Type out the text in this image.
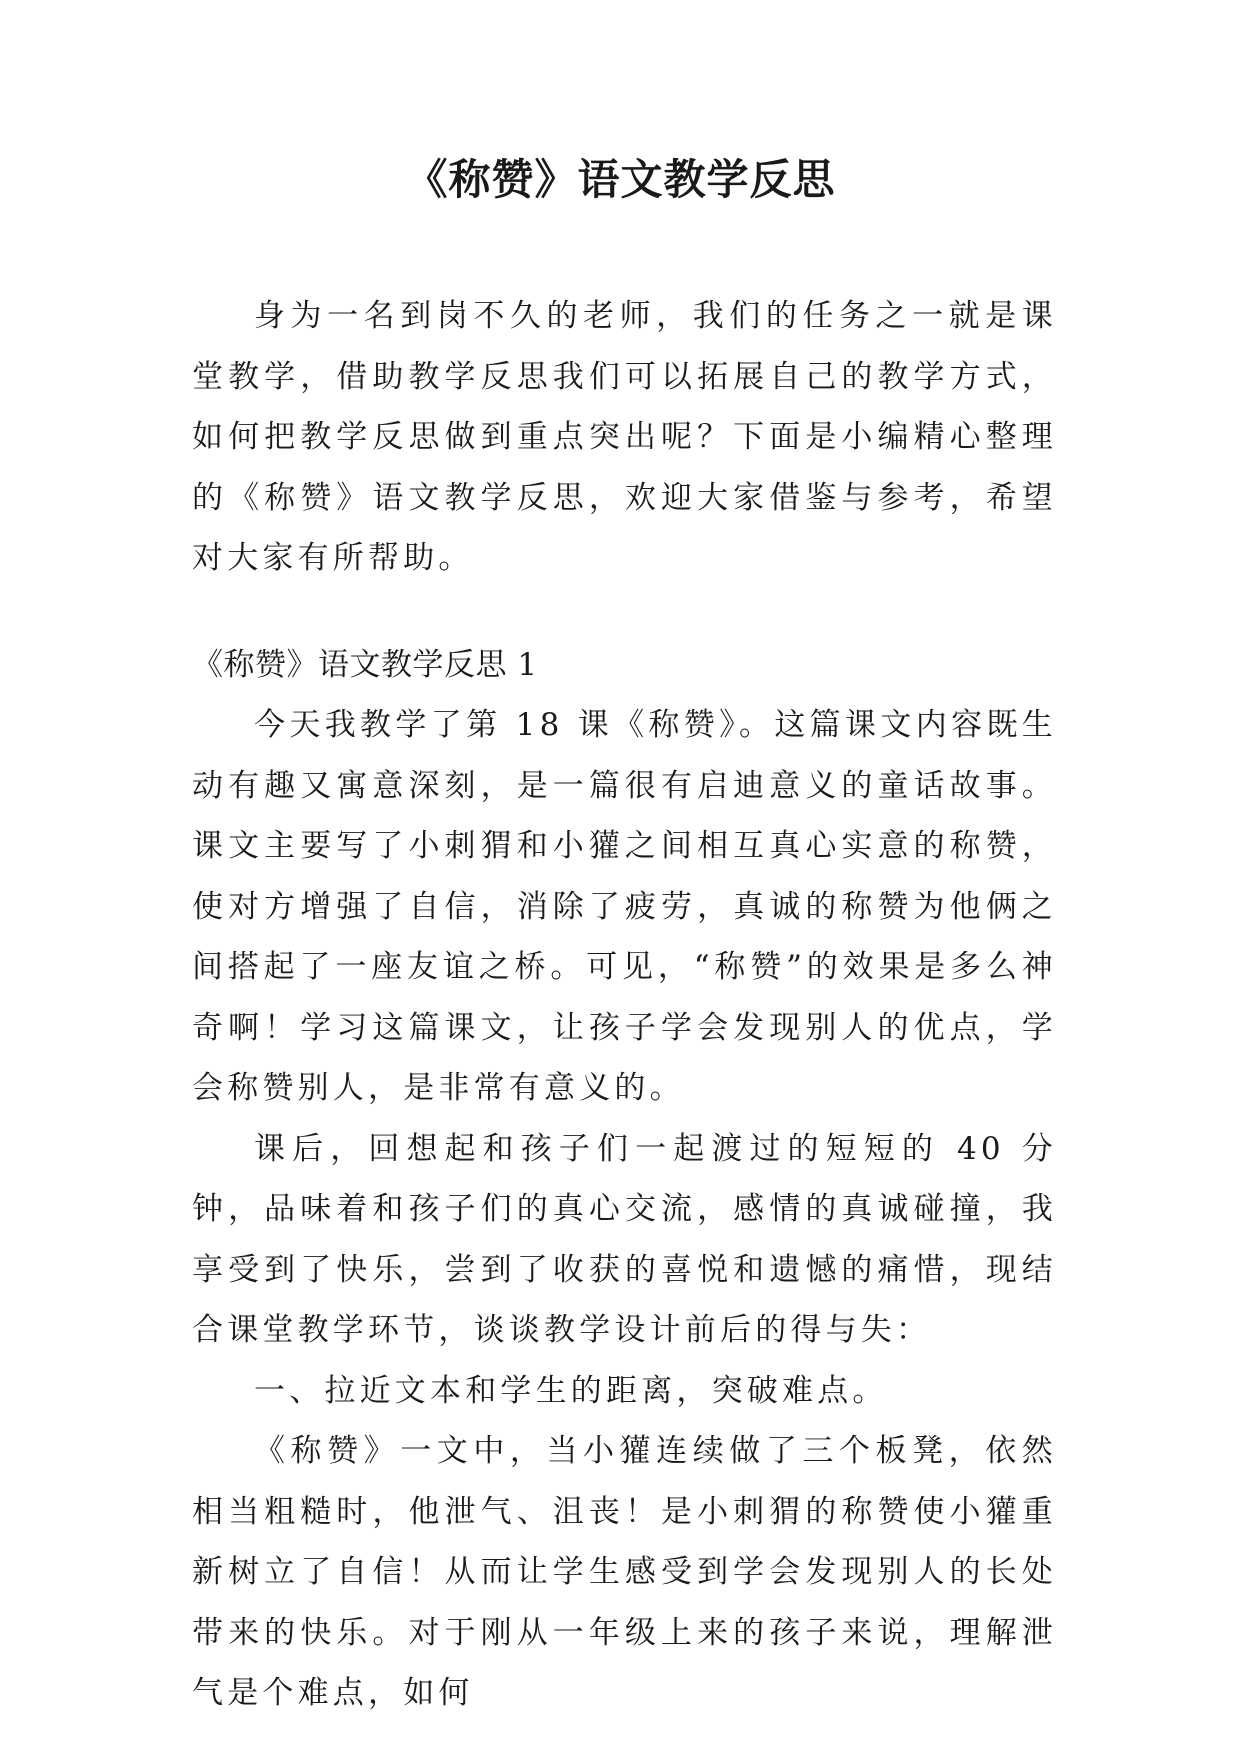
《称赞》语文教学反思

身为一名到岗不久的老师，我们的任务之一就是课堂教学，借助教学反思我们可以拓展自己的教学方式，如何把教学反思做到重点突出呢？下面是小编精心整理的《称赞》语文教学反思，欢迎大家借鉴与参考，希望对大家有所帮助。

《称赞》语文教学反思 1

今天我教学了第 18 课《称赞》。这篇课文内容既生动有趣又寓意深刻，是一篇很有启迪意义的童话故事。课文主要写了小刺猬和小獾之间相互真心实意的称赞，使对方增强了自信，消除了疲劳，真诚的称赞为他俩之间搭起了一座友谊之桥。可见，“称赞”的效果是多么神奇啊！学习这篇课文，让孩子学会发现别人的优点，学会称赞别人，是非常有意义的。

课后，回想起和孩子们一起渡过的短短的 40 分钟，品味着和孩子们的真心交流，感情的真诚碰撞，我享受到了快乐，尝到了收获的喜悦和遗憾的痛惜，现结合课堂教学环节，谈谈教学设计前后的得与失：

一、拉近文本和学生的距离，突破难点。

《称赞》一文中，当小獾连续做了三个板凳，依然相当粗糙时，他泄气、沮丧！是小刺猬的称赞使小獾重新树立了自信！从而让学生感受到学会发现别人的长处带来的快乐。对于刚从一年级上来的孩子来说，理解泄气是个难点，如何
